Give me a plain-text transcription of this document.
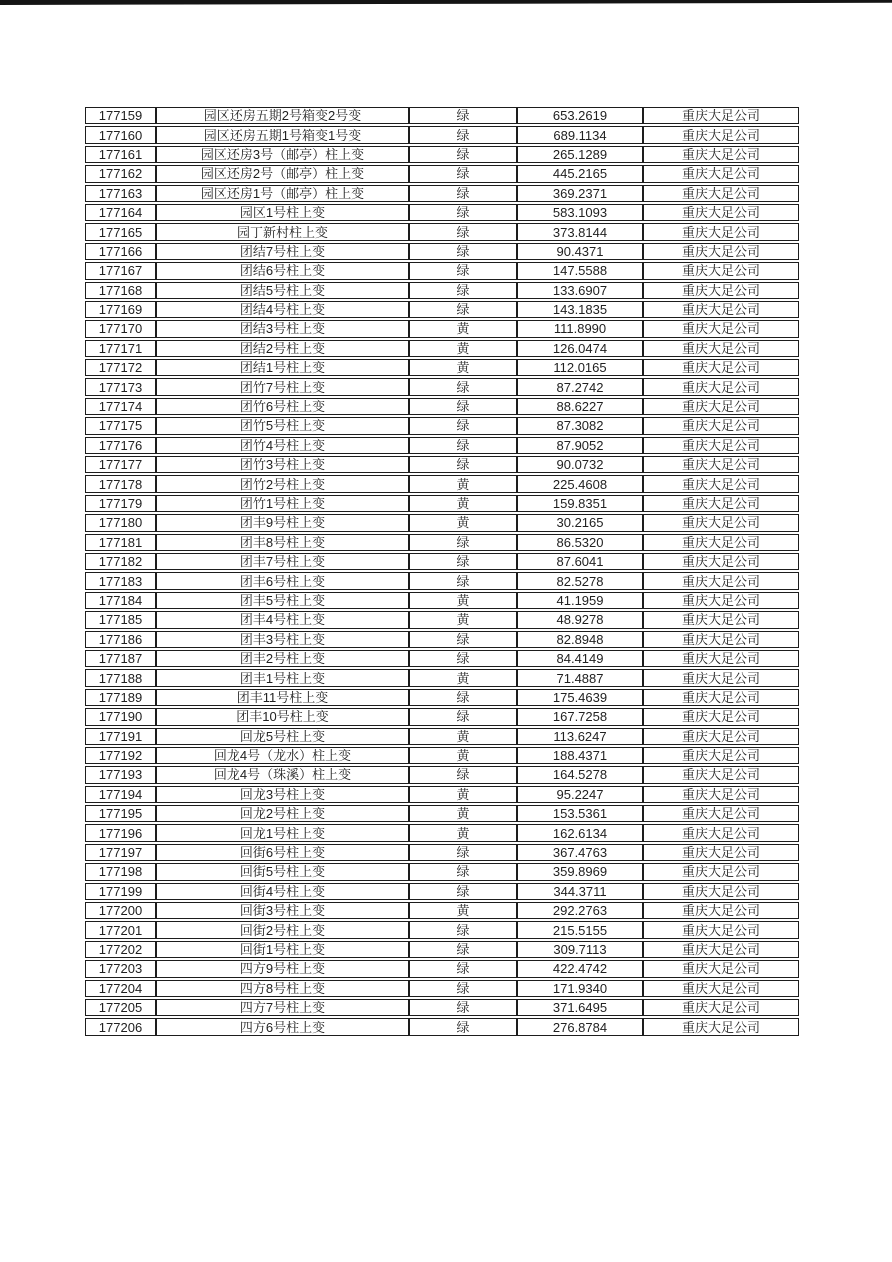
177159	园区还房五期2号箱变2号变	绿	653.2619	重庆大足公司
177160	园区还房五期1号箱变1号变	绿	689.1134	重庆大足公司
177161	园区还房3号（邮亭）柱上变	绿	265.1289	重庆大足公司
177162	园区还房2号（邮亭）柱上变	绿	445.2165	重庆大足公司
177163	园区还房1号（邮亭）柱上变	绿	369.2371	重庆大足公司
177164	园区1号柱上变	绿	583.1093	重庆大足公司
177165	园丁新村柱上变	绿	373.8144	重庆大足公司
177166	团结7号柱上变	绿	90.4371	重庆大足公司
177167	团结6号柱上变	绿	147.5588	重庆大足公司
177168	团结5号柱上变	绿	133.6907	重庆大足公司
177169	团结4号柱上变	绿	143.1835	重庆大足公司
177170	团结3号柱上变	黄	111.8990	重庆大足公司
177171	团结2号柱上变	黄	126.0474	重庆大足公司
177172	团结1号柱上变	黄	112.0165	重庆大足公司
177173	团竹7号柱上变	绿	87.2742	重庆大足公司
177174	团竹6号柱上变	绿	88.6227	重庆大足公司
177175	团竹5号柱上变	绿	87.3082	重庆大足公司
177176	团竹4号柱上变	绿	87.9052	重庆大足公司
177177	团竹3号柱上变	绿	90.0732	重庆大足公司
177178	团竹2号柱上变	黄	225.4608	重庆大足公司
177179	团竹1号柱上变	黄	159.8351	重庆大足公司
177180	团丰9号柱上变	黄	30.2165	重庆大足公司
177181	团丰8号柱上变	绿	86.5320	重庆大足公司
177182	团丰7号柱上变	绿	87.6041	重庆大足公司
177183	团丰6号柱上变	绿	82.5278	重庆大足公司
177184	团丰5号柱上变	黄	41.1959	重庆大足公司
177185	团丰4号柱上变	黄	48.9278	重庆大足公司
177186	团丰3号柱上变	绿	82.8948	重庆大足公司
177187	团丰2号柱上变	绿	84.4149	重庆大足公司
177188	团丰1号柱上变	黄	71.4887	重庆大足公司
177189	团丰11号柱上变	绿	175.4639	重庆大足公司
177190	团丰10号柱上变	绿	167.7258	重庆大足公司
177191	回龙5号柱上变	黄	113.6247	重庆大足公司
177192	回龙4号（龙水）柱上变	黄	188.4371	重庆大足公司
177193	回龙4号（珠溪）柱上变	绿	164.5278	重庆大足公司
177194	回龙3号柱上变	黄	95.2247	重庆大足公司
177195	回龙2号柱上变	黄	153.5361	重庆大足公司
177196	回龙1号柱上变	黄	162.6134	重庆大足公司
177197	回街6号柱上变	绿	367.4763	重庆大足公司
177198	回街5号柱上变	绿	359.8969	重庆大足公司
177199	回街4号柱上变	绿	344.3711	重庆大足公司
177200	回街3号柱上变	黄	292.2763	重庆大足公司
177201	回街2号柱上变	绿	215.5155	重庆大足公司
177202	回街1号柱上变	绿	309.7113	重庆大足公司
177203	四方9号柱上变	绿	422.4742	重庆大足公司
177204	四方8号柱上变	绿	171.9340	重庆大足公司
177205	四方7号柱上变	绿	371.6495	重庆大足公司
177206	四方6号柱上变	绿	276.8784	重庆大足公司
